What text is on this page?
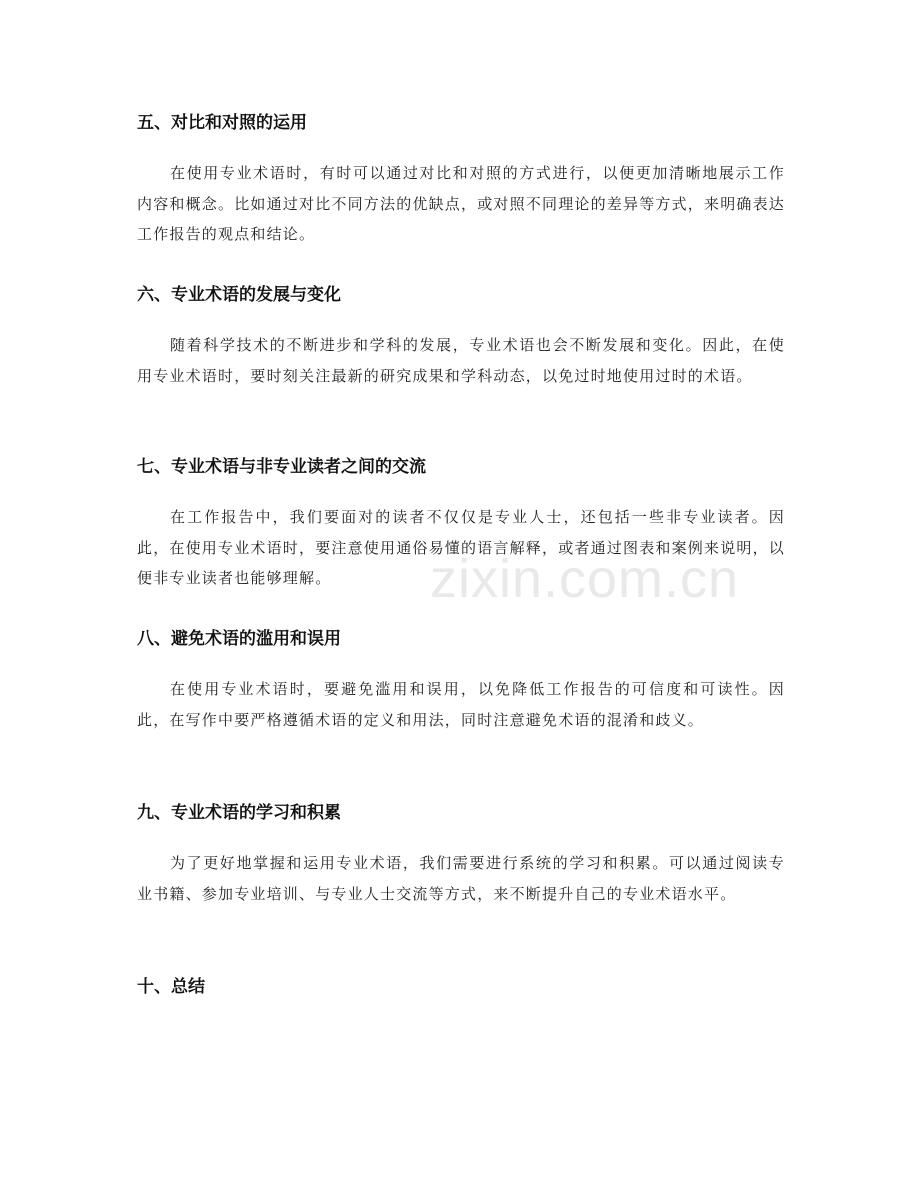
五、对比和对照的运用

在使用专业术语时，有时可以通过对比和对照的方式进行，以便更加清晰地展示工作内容和概念。比如通过对比不同方法的优缺点，或对照不同理论的差异等方式，来明确表达工作报告的观点和结论。

六、专业术语的发展与变化

随着科学技术的不断进步和学科的发展，专业术语也会不断发展和变化。因此，在使用专业术语时，要时刻关注最新的研究成果和学科动态，以免过时地使用过时的术语。

七、专业术语与非专业读者之间的交流

在工作报告中，我们要面对的读者不仅仅是专业人士，还包括一些非专业读者。因此，在使用专业术语时，要注意使用通俗易懂的语言解释，或者通过图表和案例来说明，以便非专业读者也能够理解。

八、避免术语的滥用和误用

在使用专业术语时，要避免滥用和误用，以免降低工作报告的可信度和可读性。因此，在写作中要严格遵循术语的定义和用法，同时注意避免术语的混淆和歧义。

九、专业术语的学习和积累

为了更好地掌握和运用专业术语，我们需要进行系统的学习和积累。可以通过阅读专业书籍、参加专业培训、与专业人士交流等方式，来不断提升自己的专业术语水平。

十、总结
zixin.com.cn
